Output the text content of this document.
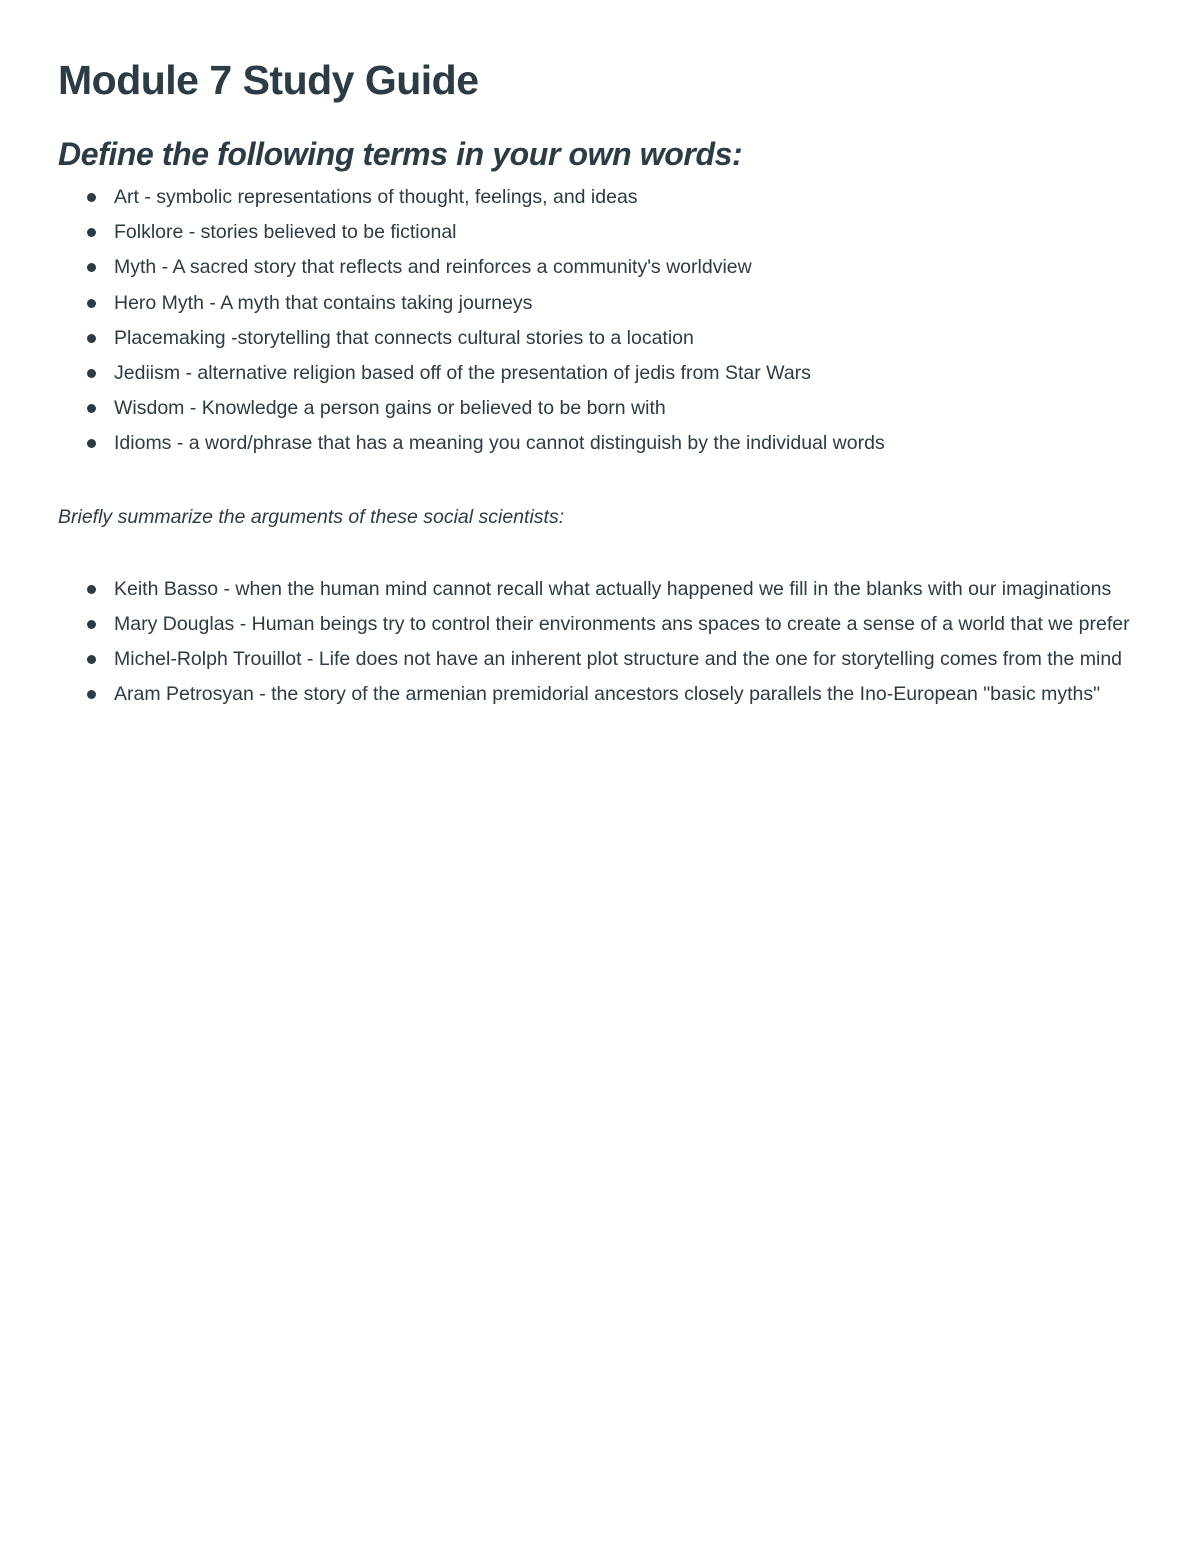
Module 7 Study Guide
Define the following terms in your own words:
Art - symbolic representations of thought, feelings, and ideas
Folklore - stories believed to be fictional
Myth - A sacred story that reflects and reinforces a community's worldview
Hero Myth - A myth that contains taking journeys
Placemaking -storytelling that connects cultural stories to a location
Jediism - alternative religion based off of the presentation of jedis from Star Wars
Wisdom - Knowledge a person gains or believed to be born with
Idioms - a word/phrase that has a meaning you cannot distinguish by the individual words

Briefly summarize the arguments of these social scientists:

Keith Basso - when the human mind cannot recall what actually happened we fill in the blanks with our imaginations
Mary Douglas - Human beings try to control their environments ans spaces to create a sense of a world that we prefer
Michel-Rolph Trouillot - Life does not have an inherent plot structure and the one for storytelling comes from the mind
Aram Petrosyan - the story of the armenian premidorial ancestors closely parallels the Ino-European "basic myths"
